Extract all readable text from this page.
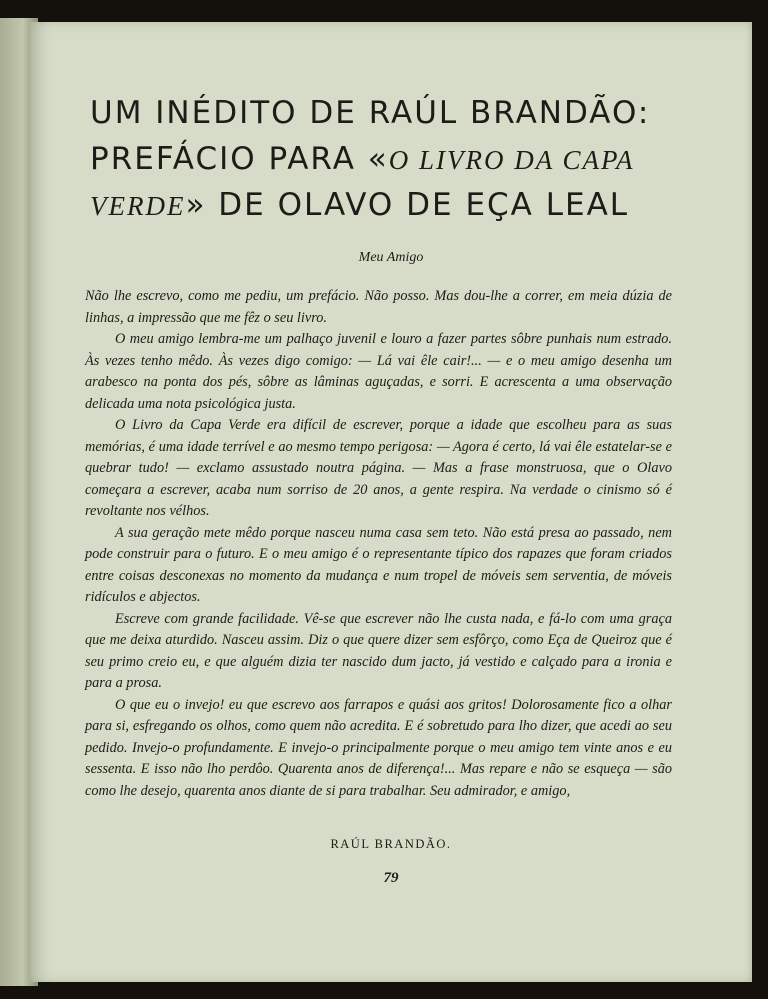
UM INÉDITO DE RAÚL BRANDÃO:
PREFÁCIO PARA «O LIVRO DA CAPA
VERDE» DE OLAVO DE EÇA LEAL
Meu Amigo

Não lhe escrevo, como me pediu, um prefácio. Não posso. Mas dou-lhe a correr, em meia dúzia de linhas, a impressão que me fêz o seu livro.

O meu amigo lembra-me um palhaço juvenil e louro a fazer partes sôbre punhais num estrado. Às vezes tenho mêdo. Às vezes digo comigo: — Lá vai êle cair!... — e o meu amigo desenha um arabesco na ponta dos pés, sôbre as lâminas aguçadas, e sorri. E acrescenta a uma observação delicada uma nota psicológica justa.

O Livro da Capa Verde era difícil de escrever, porque a idade que escolheu para as suas memórias, é uma idade terrível e ao mesmo tempo perigosa: — Agora é certo, lá vai êle estatelar-se e quebrar tudo! — exclamo assustado noutra página. — Mas a frase monstruosa, que o Olavo começara a escrever, acaba num sorriso de 20 anos, a gente respira. Na verdade o cinismo só é revoltante nos vélhos.

A sua geração mete mêdo porque nasceu numa casa sem teto. Não está presa ao passado, nem pode construir para o futuro. E o meu amigo é o representante típico dos rapazes que foram criados entre coisas desconexas no momento da mudança e num tropel de móveis sem serventia, de móveis ridículos e abjectos.

Escreve com grande facilidade. Vê-se que escrever não lhe custa nada, e fá-lo com uma graça que me deixa aturdido. Nasceu assim. Diz o que quere dizer sem esfôrço, como Eça de Queiroz que é seu primo creio eu, e que alguém dizia ter nascido dum jacto, já vestido e calçado para a ironia e para a prosa.

O que eu o invejo! eu que escrevo aos farrapos e quási aos gritos! Dolorosamente fico a olhar para si, esfregando os olhos, como quem não acredita. E é sobretudo para lho dizer, que acedi ao seu pedido. Invejo-o profundamente. E invejo-o principalmente porque o meu amigo tem vinte anos e eu sessenta. E isso não lho perdôo. Quarenta anos de diferença!... Mas repare e não se esqueça — são como lhe desejo, quarenta anos diante de si para trabalhar. Seu admirador, e amigo,

RAÚL BRANDÃO.
79
